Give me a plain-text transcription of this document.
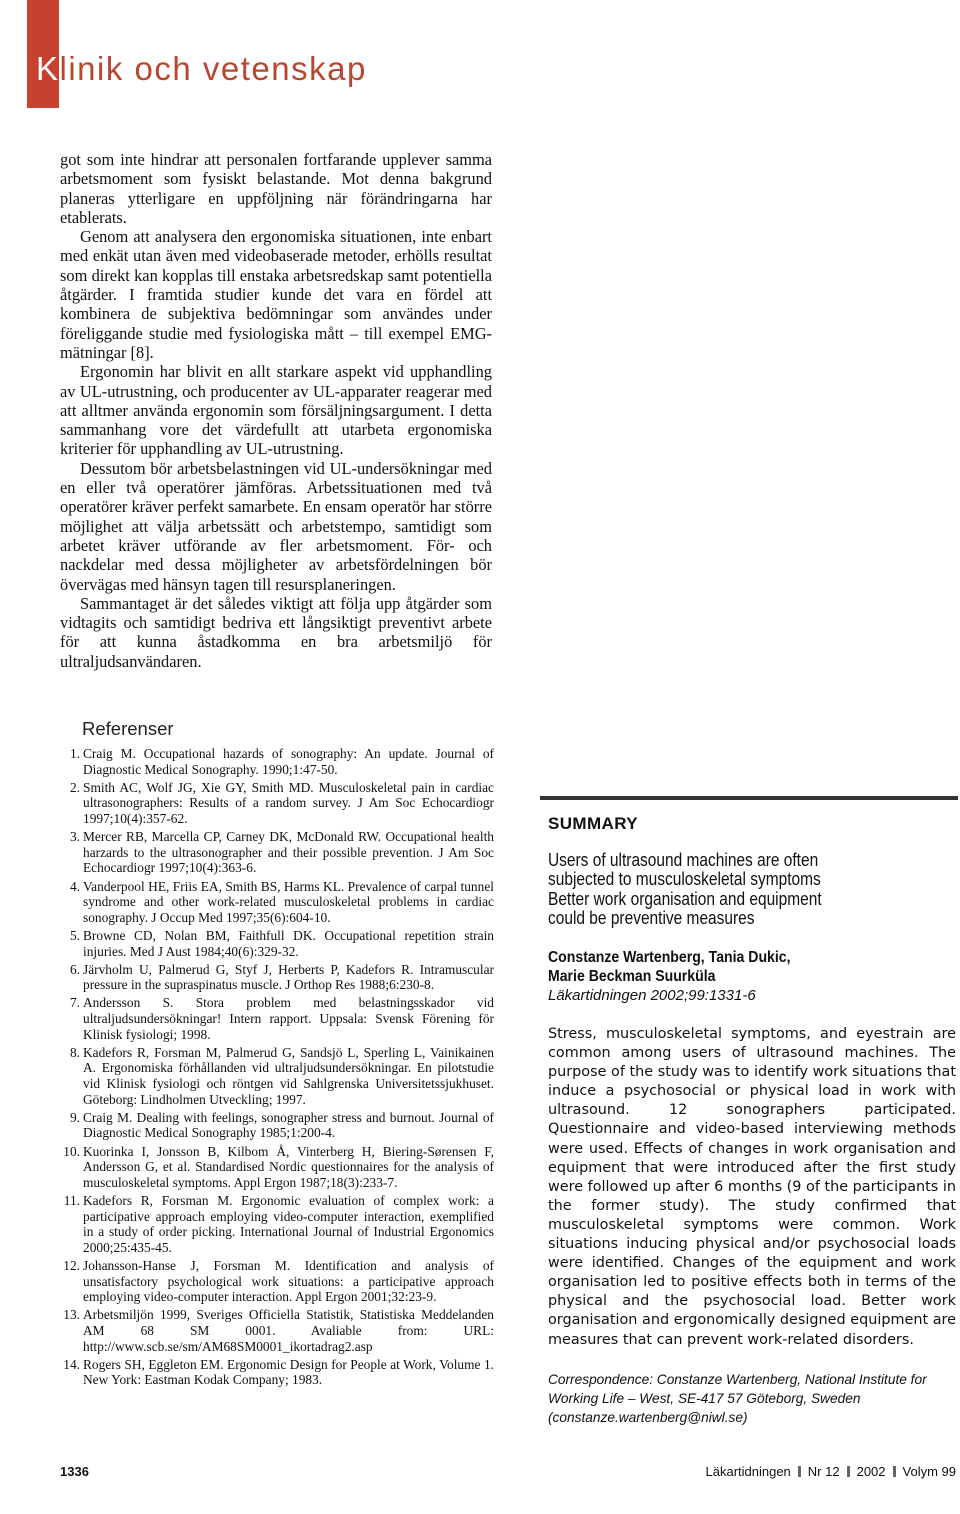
Klinik och vetenskap

got som inte hindrar att personalen fortfarande upplever samma arbetsmoment som fysiskt belastande. Mot denna bakgrund planeras ytterligare en uppföljning när förändringarna har etablerats.

Genom att analysera den ergonomiska situationen, inte enbart med enkät utan även med videobaserade metoder, erhölls resultat som direkt kan kopplas till enstaka arbetsredskap samt potentiella åtgärder. I framtida studier kunde det vara en fördel att kombinera de subjektiva bedömningar som användes under föreliggande studie med fysiologiska mått – till exempel EMG-mätningar [8].

Ergonomin har blivit en allt starkare aspekt vid upphandling av UL-utrustning, och producenter av UL-apparater reagerar med att alltmer använda ergonomin som försäljningsargument. I detta sammanhang vore det värdefullt att utarbeta ergonomiska kriterier för upphandling av UL-utrustning.

Dessutom bör arbetsbelastningen vid UL-undersökningar med en eller två operatörer jämföras. Arbetssituationen med två operatörer kräver perfekt samarbete. En ensam operatör har större möjlighet att välja arbetssätt och arbetstempo, samtidigt som arbetet kräver utförande av fler arbetsmoment. För- och nackdelar med dessa möjligheter av arbetsfördelningen bör övervägas med hänsyn tagen till resursplaneringen.

Sammantaget är det således viktigt att följa upp åtgärder som vidtagits och samtidigt bedriva ett långsiktigt preventivt arbete för att kunna åstadkomma en bra arbetsmiljö för ultraljudsanvändaren.

Referenser
1. Craig M. Occupational hazards of sonography: An update. Journal of Diagnostic Medical Sonography. 1990;1:47-50.
2. Smith AC, Wolf JG, Xie GY, Smith MD. Musculoskeletal pain in cardiac ultrasonographers: Results of a random survey. J Am Soc Echocardiogr 1997;10(4):357-62.
3. Mercer RB, Marcella CP, Carney DK, McDonald RW. Occupational health harzards to the ultrasonographer and their possible prevention. J Am Soc Echocardiogr 1997;10(4):363-6.
4. Vanderpool HE, Friis EA, Smith BS, Harms KL. Prevalence of carpal tunnel syndrome and other work-related musculoskeletal problems in cardiac sonography. J Occup Med 1997;35(6):604-10.
5. Browne CD, Nolan BM, Faithfull DK. Occupational repetition strain injuries. Med J Aust 1984;40(6):329-32.
6. Järvholm U, Palmerud G, Styf J, Herberts P, Kadefors R. Intramuscular pressure in the supraspinatus muscle. J Orthop Res 1988;6:230-8.
7. Andersson S. Stora problem med belastningsskador vid ultraljudsundersökningar! Intern rapport. Uppsala: Svensk Förening för Klinisk fysiologi; 1998.
8. Kadefors R, Forsman M, Palmerud G, Sandsjö L, Sperling L, Vainikainen A. Ergonomiska förhållanden vid ultraljudsundersökningar. En pilotstudie vid Klinisk fysiologi och röntgen vid Sahlgrenska Universitetssjukhuset. Göteborg: Lindholmen Utveckling; 1997.
9. Craig M. Dealing with feelings, sonographer stress and burnout. Journal of Diagnostic Medical Sonography 1985;1:200-4.
10. Kuorinka I, Jonsson B, Kilbom Å, Vinterberg H, Biering-Sørensen F, Andersson G, et al. Standardised Nordic questionnaires for the analysis of musculoskeletal symptoms. Appl Ergon 1987;18(3):233-7.
11. Kadefors R, Forsman M. Ergonomic evaluation of complex work: a participative approach employing video-computer interaction, exemplified in a study of order picking. International Journal of Industrial Ergonomics 2000;25:435-45.
12. Johansson-Hanse J, Forsman M. Identification and analysis of unsatisfactory psychological work situations: a participative approach employing video-computer interaction. Appl Ergon 2001;32:23-9.
13. Arbetsmiljön 1999, Sveriges Officiella Statistik, Statistiska Meddelanden AM 68 SM 0001. Avaliable from: URL: http://www.scb.se/sm/AM68SM0001_ikortadrag2.asp
14. Rogers SH, Eggleton EM. Ergonomic Design for People at Work, Volume 1. New York: Eastman Kodak Company; 1983.
SUMMARY
Users of ultrasound machines are often
subjected to musculoskeletal symptoms
Better work organisation and equipment
could be preventive measures
Constanze Wartenberg, Tania Dukic,
Marie Beckman Suurküla
Läkartidningen 2002;99:1331-6
Stress, musculoskeletal symptoms, and eyestrain are common among users of ultrasound machines. The purpose of the study was to identify work situations that induce a psychosocial or physical load in work with ultrasound. 12 sonographers participated. Questionnaire and video-based interviewing methods were used. Effects of changes in work organisation and equipment that were introduced after the first study were followed up after 6 months (9 of the participants in the former study). The study confirmed that musculoskeletal symptoms were common. Work situations inducing physical and/or psychosocial loads were identified. Changes of the equipment and work organisation led to positive effects both in terms of the physical and the psychosocial load. Better work organisation and ergonomically designed equipment are measures that can prevent work-related disorders.
Correspondence: Constanze Wartenberg, National Institute for Working Life – West, SE-417 57 Göteborg, Sweden (constanze.wartenberg@niwl.se)
1336	Läkartidningen Nr 12 2002 Volym 99
